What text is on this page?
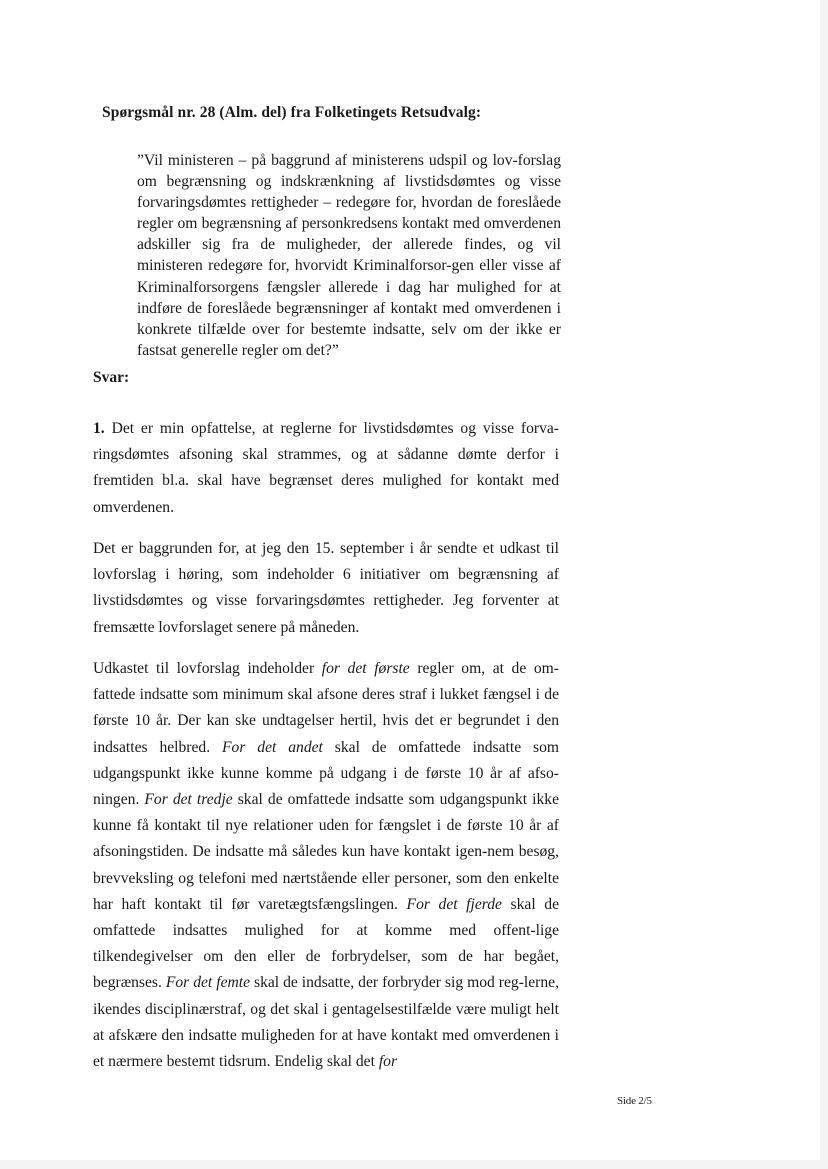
Spørgsmål nr. 28 (Alm. del) fra Folketingets Retsudvalg:
”Vil ministeren – på baggrund af ministerens udspil og lov-forslag om begrænsning og indskrænkning af livstidsdømtes og visse forvaringsdømtes rettigheder – redegøre for, hvordan de foreslåede regler om begrænsning af personkredsens kontakt med omverdenen adskiller sig fra de muligheder, der allerede findes, og vil ministeren redegøre for, hvorvidt Kriminalforsor-gen eller visse af Kriminalforsorgens fængsler allerede i dag har mulighed for at indføre de foreslåede begrænsninger af kontakt med omverdenen i konkrete tilfælde over for bestemte indsatte, selv om der ikke er fastsat generelle regler om det?”
Svar:
1. Det er min opfattelse, at reglerne for livstidsdømtes og visse forva-ringsdømtes afsoning skal strammes, og at sådanne dømte derfor i fremtiden bl.a. skal have begrænset deres mulighed for kontakt med omverdenen.
Det er baggrunden for, at jeg den 15. september i år sendte et udkast til lovforslag i høring, som indeholder 6 initiativer om begrænsning af livstidsdømtes og visse forvaringsdømtes rettigheder. Jeg forventer at fremsætte lovforslaget senere på måneden.
Udkastet til lovforslag indeholder for det første regler om, at de om-fattede indsatte som minimum skal afsone deres straf i lukket fængsel i de første 10 år. Der kan ske undtagelser hertil, hvis det er begrundet i den indsattes helbred. For det andet skal de omfattede indsatte som udgangspunkt ikke kunne komme på udgang i de første 10 år af afso-ningen. For det tredje skal de omfattede indsatte som udgangspunkt ikke kunne få kontakt til nye relationer uden for fængslet i de første 10 år af afsoningstiden. De indsatte må således kun have kontakt igen-nem besøg, brevveksling og telefoni med nærtstående eller personer, som den enkelte har haft kontakt til før varetægtsfængslingen. For det fjerde skal de omfattede indsattes mulighed for at komme med offent-lige tilkendegivelser om den eller de forbrydelser, som de har begået, begrænses. For det femte skal de indsatte, der forbryder sig mod reg-lerne, ikendes disciplinærstraf, og det skal i gentagelsestilfælde være muligt helt at afskære den indsatte muligheden for at have kontakt med omverdenen i et nærmere bestemt tidsrum. Endelig skal det for
Side 2/5
